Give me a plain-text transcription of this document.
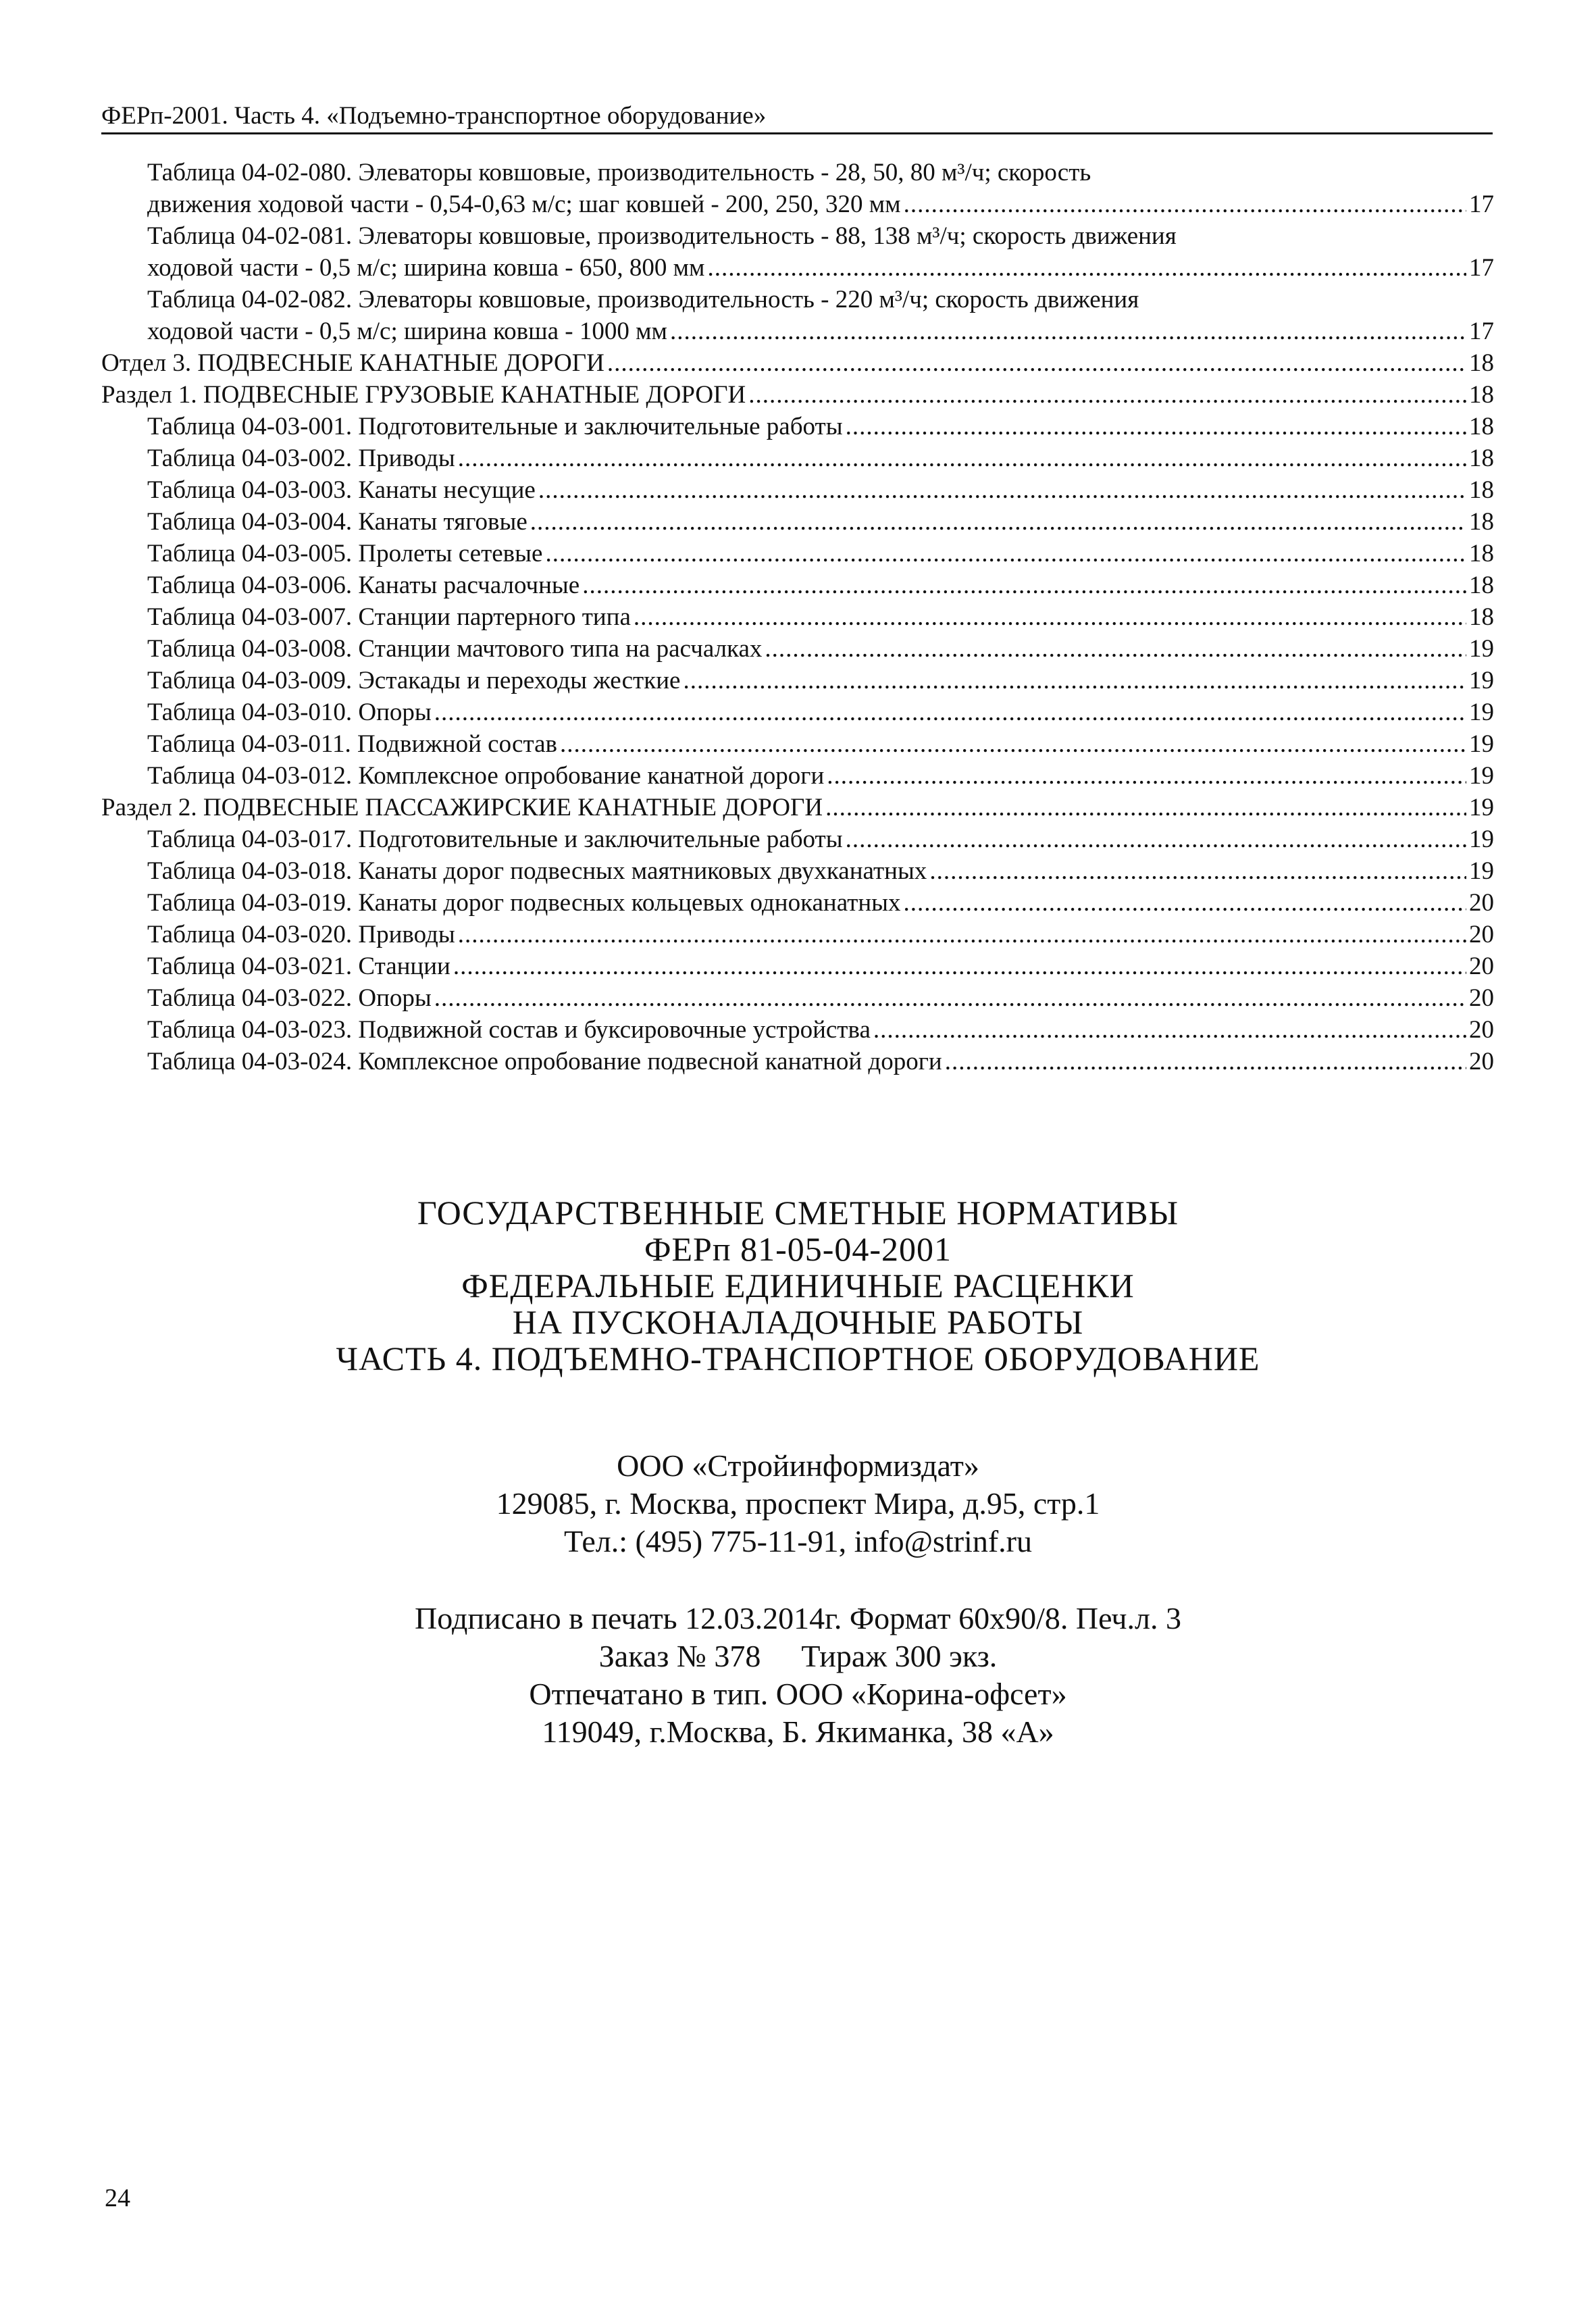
ФЕРп-2001. Часть 4. «Подъемно-транспортное оборудование»
Таблица 04-02-080. Элеваторы ковшовые, производительность - 28, 50, 80 м³/ч; скорость
движения ходовой части - 0,54-0,63 м/с; шаг ковшей - 200, 250, 320 мм .....	17
Таблица 04-02-081. Элеваторы ковшовые, производительность - 88, 138 м³/ч; скорость движения
ходовой части - 0,5 м/с; ширина ковша - 650, 800 мм .....	17
Таблица 04-02-082. Элеваторы ковшовые, производительность - 220 м³/ч; скорость движения
ходовой части - 0,5 м/с; ширина ковша - 1000 мм .....	17
Отдел 3. ПОДВЕСНЫЕ КАНАТНЫЕ ДОРОГИ .....	18
Раздел 1. ПОДВЕСНЫЕ ГРУЗОВЫЕ КАНАТНЫЕ ДОРОГИ .....	18
Таблица 04-03-001. Подготовительные и заключительные работы .....	18
Таблица 04-03-002. Приводы .....	18
Таблица 04-03-003. Канаты несущие .....	18
Таблица 04-03-004. Канаты тяговые .....	18
Таблица 04-03-005. Пролеты сетевые .....	18
Таблица 04-03-006. Канаты расчалочные .....	18
Таблица 04-03-007. Станции партерного типа .....	18
Таблица 04-03-008. Станции мачтового типа на расчалках .....	19
Таблица 04-03-009. Эстакады и переходы жесткие .....	19
Таблица 04-03-010. Опоры .....	19
Таблица 04-03-011. Подвижной состав .....	19
Таблица 04-03-012. Комплексное опробование канатной дороги .....	19
Раздел 2. ПОДВЕСНЫЕ ПАССАЖИРСКИЕ КАНАТНЫЕ ДОРОГИ .....	19
Таблица 04-03-017. Подготовительные и заключительные работы .....	19
Таблица 04-03-018. Канаты дорог подвесных маятниковых двухканатных .....	19
Таблица 04-03-019. Канаты дорог подвесных кольцевых одноканатных .....	20
Таблица 04-03-020. Приводы .....	20
Таблица 04-03-021. Станции .....	20
Таблица 04-03-022. Опоры .....	20
Таблица 04-03-023. Подвижной состав и буксировочные устройства .....	20
Таблица 04-03-024. Комплексное опробование подвесной канатной дороги .....	20
ГОСУДАРСТВЕННЫЕ СМЕТНЫЕ НОРМАТИВЫ
ФЕРп 81-05-04-2001
ФЕДЕРАЛЬНЫЕ ЕДИНИЧНЫЕ РАСЦЕНКИ
НА ПУСКОНАЛАДОЧНЫЕ РАБОТЫ
ЧАСТЬ 4. ПОДЪЕМНО-ТРАНСПОРТНОЕ ОБОРУДОВАНИЕ
ООО «Стройинформиздат»
129085, г. Москва, проспект Мира, д.95, стр.1
Тел.: (495) 775-11-91, info@strinf.ru
Подписано в печать 12.03.2014г. Формат 60x90/8. Печ.л. 3
Заказ № 378 Тираж 300 экз.
Отпечатано в тип. ООО «Корина-офсет»
119049, г.Москва, Б. Якиманка, 38 «А»
24
